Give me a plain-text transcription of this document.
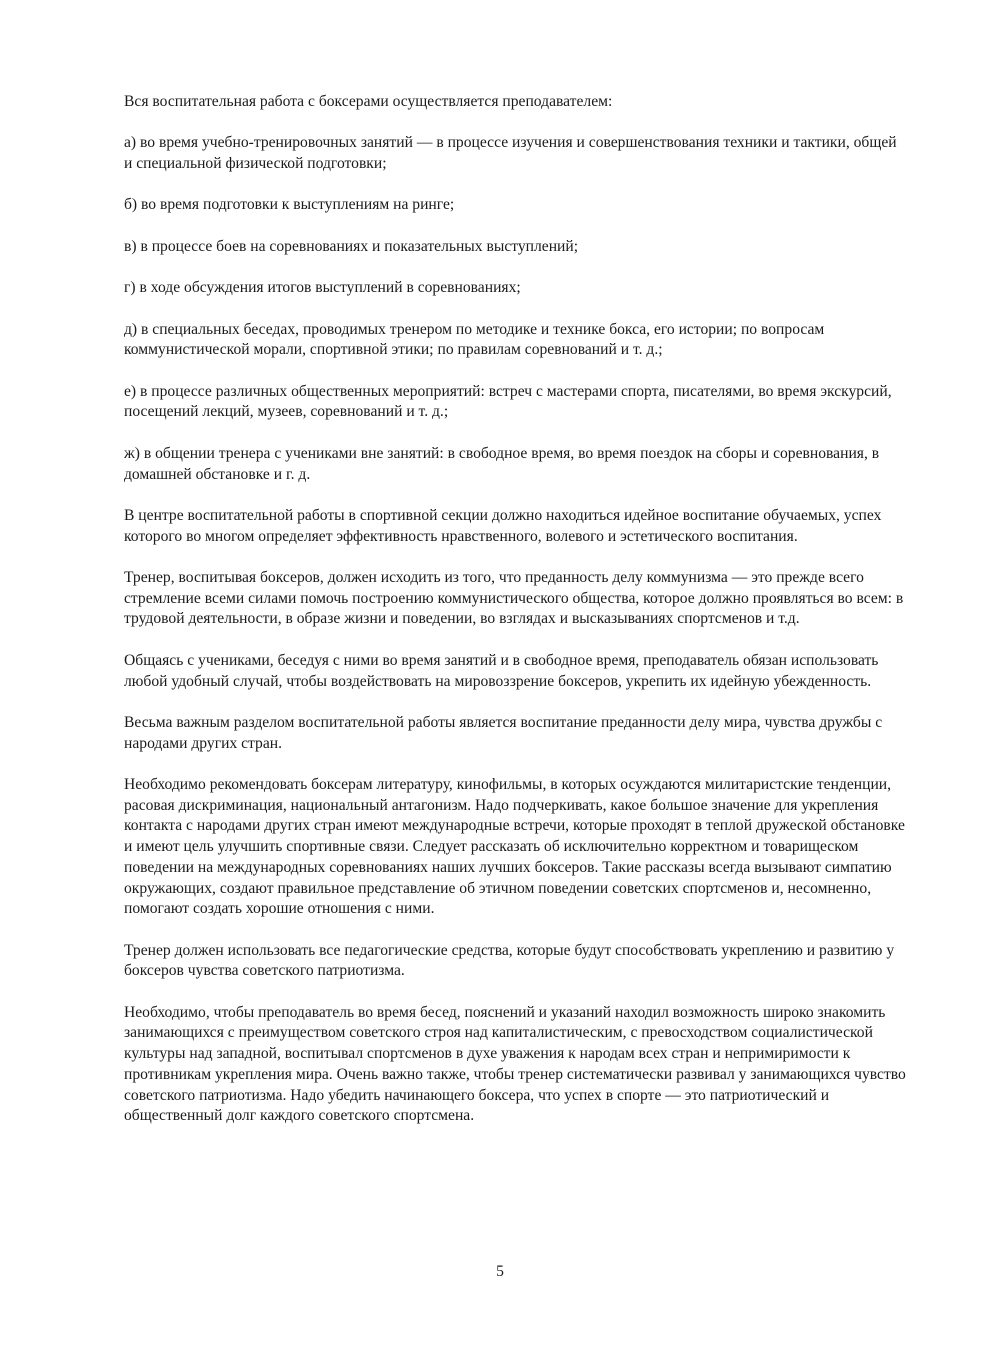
Вся воспитательная работа с боксерами осуществляется преподавателем:

а) во время учебно-тренировочных занятий — в процессе изучения и совершенствования техники и тактики, общей и специальной физической подготовки;

б) во время подготовки к выступлениям на ринге;

в) в процессе боев на соревнованиях и показательных выступлений;

г) в ходе обсуждения итогов выступлений в соревнованиях;

д) в специальных беседах, проводимых тренером по методике и технике бокса, его истории; по вопросам коммунистической морали, спортивной этики; по правилам соревнований и т. д.;

е) в процессе различных общественных мероприятий: встреч с мастерами спорта, писателями, во время экскурсий, посещений лекций, музеев, соревнований и т. д.;

ж) в общении тренера с учениками вне занятий: в свободное время, во время поездок на сборы и соревнования, в домашней обстановке и г. д.

В центре воспитательной работы в спортивной секции должно находиться идейное воспитание обучаемых, успех которого во многом определяет эффективность нравственного, волевого и эстетического воспитания.

Тренер, воспитывая боксеров, должен исходить из того, что преданность делу коммунизма — это прежде всего стремление всеми силами помочь построению коммунистического общества, которое должно проявляться во всем: в трудовой деятельности, в образе жизни и поведении, во взглядах и высказываниях спортсменов и т.д.

Общаясь с учениками, беседуя с ними во время занятий и в свободное время, преподаватель обязан использовать любой удобный случай, чтобы воздействовать на мировоззрение боксеров, укрепить их идейную убежденность.

Весьма важным разделом воспитательной работы является воспитание преданности делу мира, чувства дружбы с народами других стран.

Необходимо рекомендовать боксерам литературу, кинофильмы, в которых осуждаются милитаристские тенденции, расовая дискриминация, национальный антагонизм. Надо подчеркивать, какое большое значение для укрепления контакта с народами других стран имеют международные встречи, которые проходят в теплой дружеской обстановке и имеют цель улучшить спортивные связи. Следует рассказать об исключительно корректном и товарищеском поведении на международных соревнованиях наших лучших боксеров. Такие рассказы всегда вызывают симпатию окружающих, создают правильное представление об этичном поведении советских спортсменов и, несомненно, помогают создать хорошие отношения с ними.

Тренер должен использовать все педагогические средства, которые будут способствовать укреплению и развитию у боксеров чувства советского патриотизма.

Необходимо, чтобы преподаватель во время бесед, пояснений и указаний находил возможность широко знакомить занимающихся с преимуществом советского строя над капиталистическим, с превосходством социалистической культуры над западной, воспитывал спортсменов в духе уважения к народам всех стран и непримиримости к противникам укрепления мира. Очень важно также, чтобы тренер систематически развивал у занимающихся чувство советского патриотизма. Надо убедить начинающего боксера, что успех в спорте — это патриотический и общественный долг каждого советского спортсмена.

5
